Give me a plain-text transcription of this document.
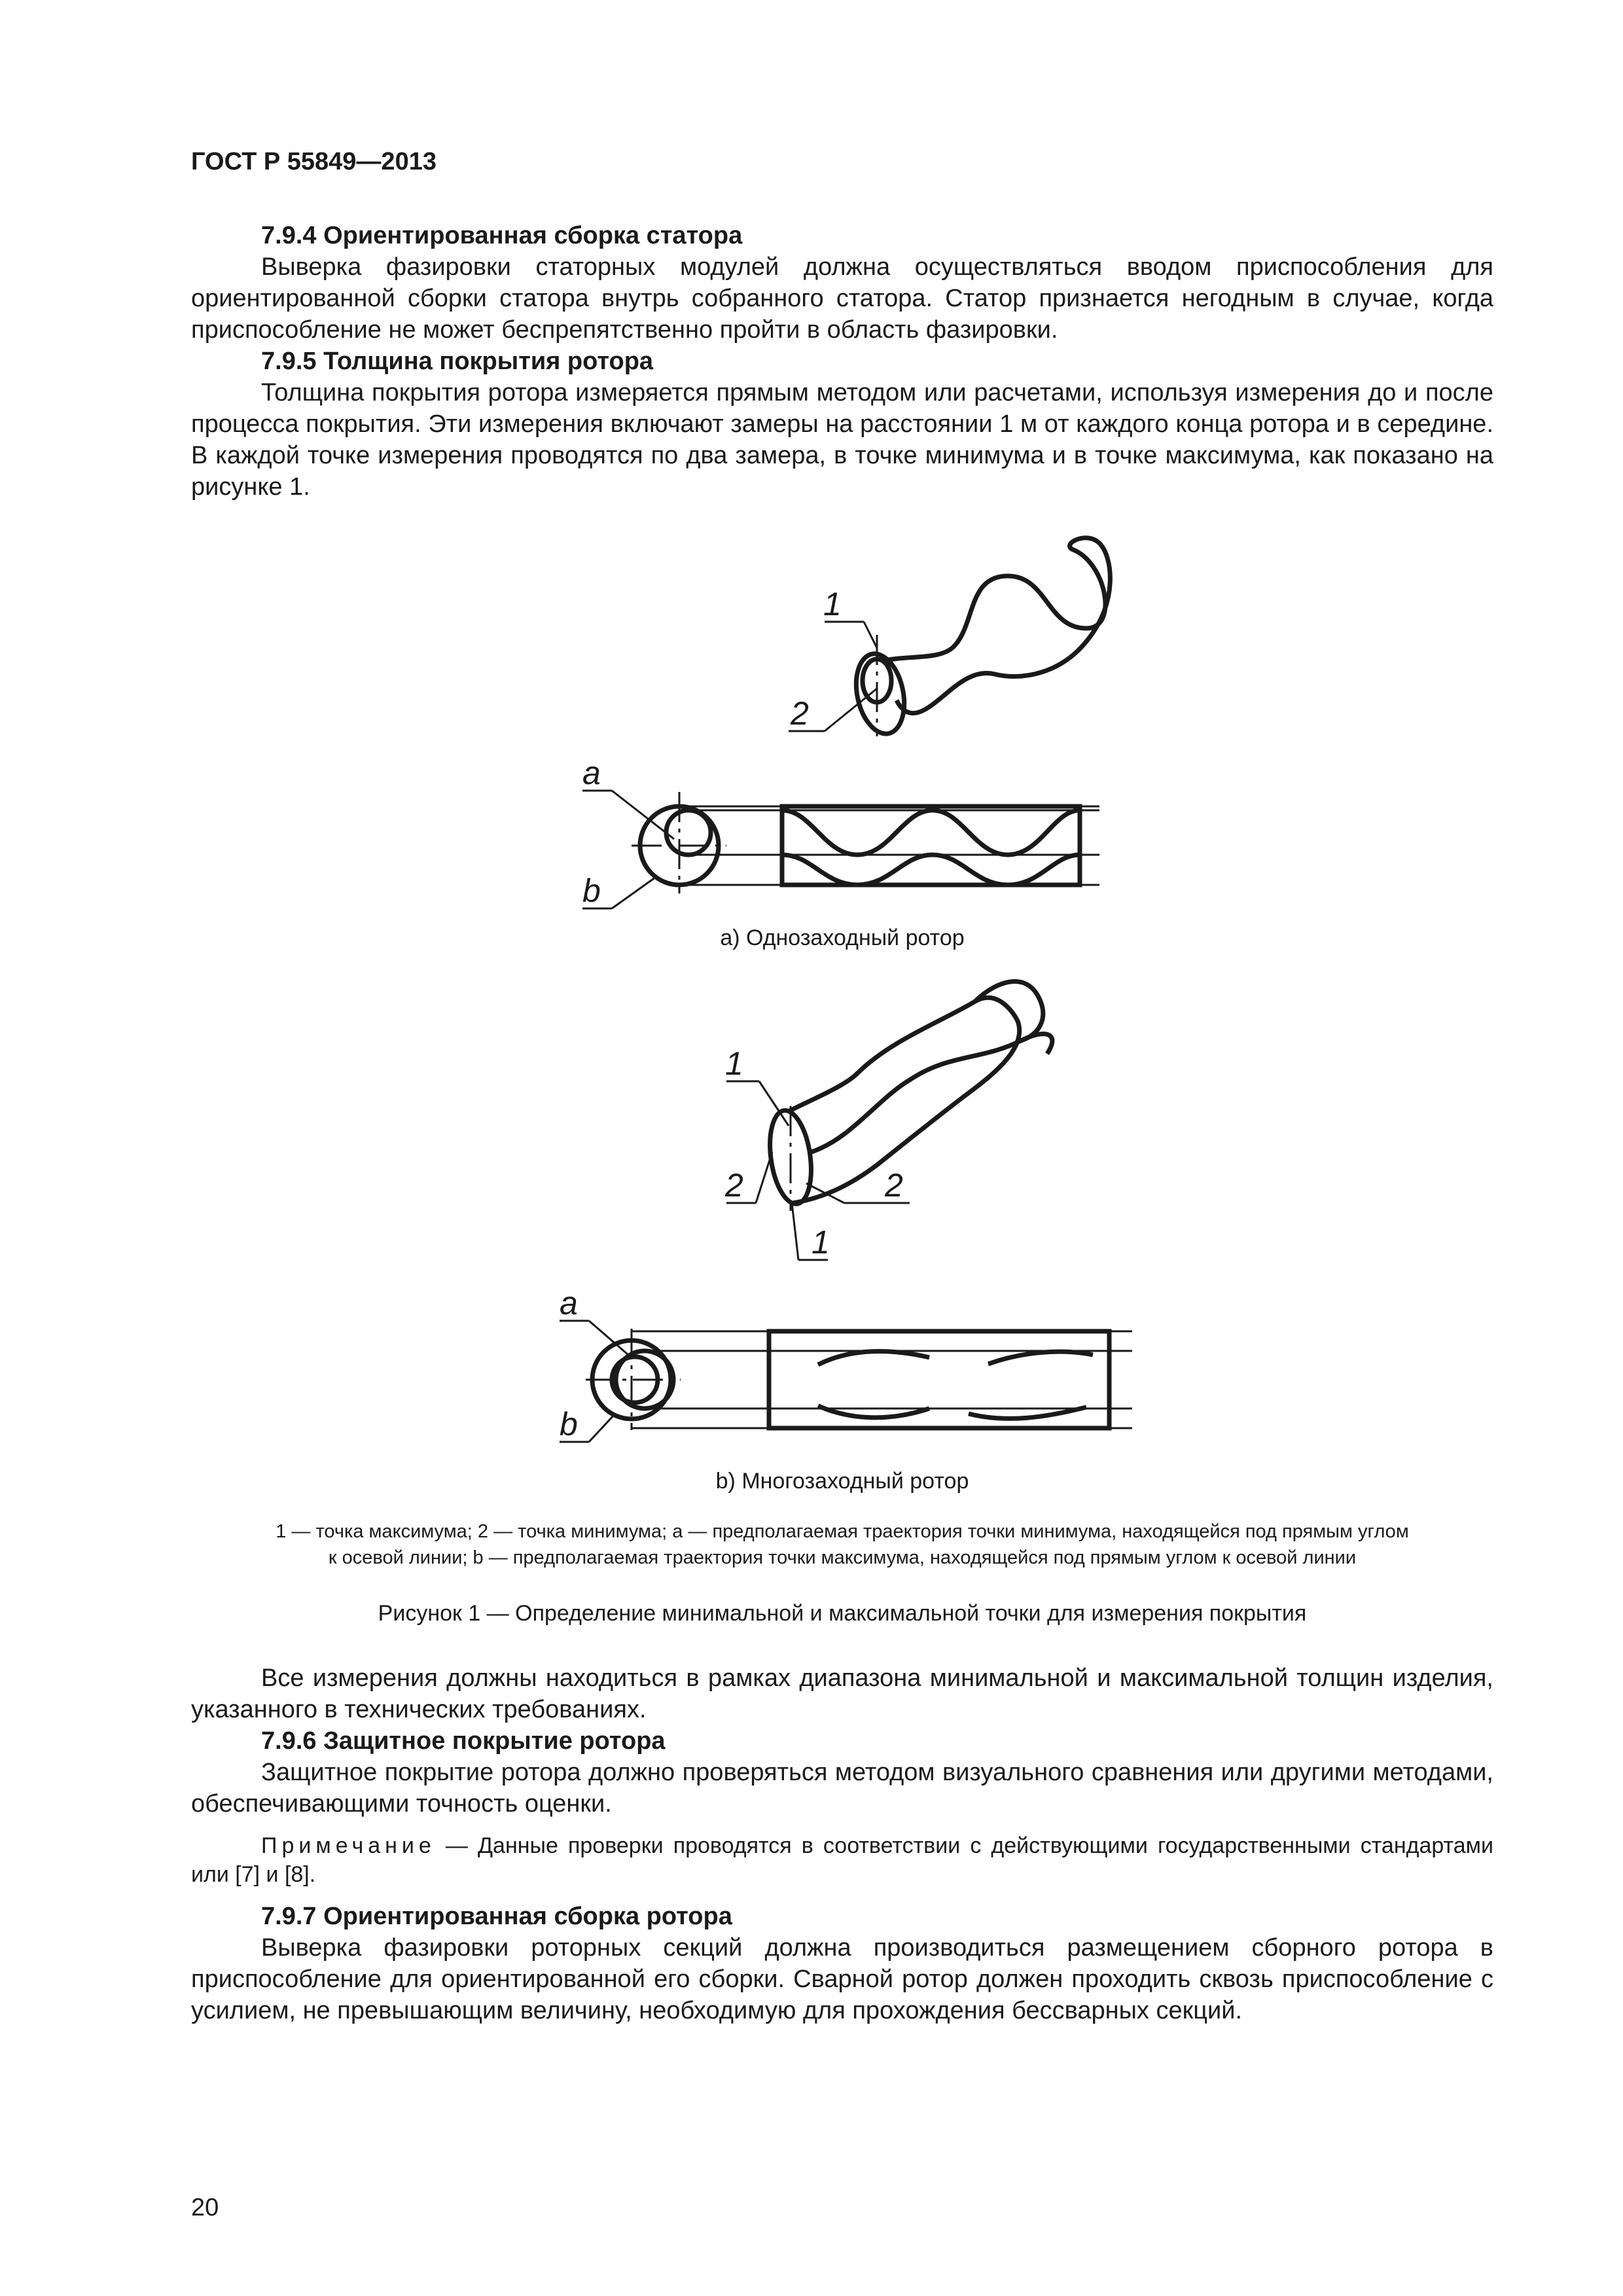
ГОСТ Р 55849—2013

7.9.4 Ориентированная сборка статора

Выверка фазировки статорных модулей должна осуществляться вводом приспособления для ориентированной сборки статора внутрь собранного статора. Статор признается негодным в случае, когда приспособление не может беспрепятственно пройти в область фазировки.

7.9.5 Толщина покрытия ротора

Толщина покрытия ротора измеряется прямым методом или расчетами, используя измерения до и после процесса покрытия. Эти измерения включают замеры на расстоянии 1 м от каждого конца ротора и в середине. В каждой точке измерения проводятся по два замера, в точке минимума и в точке максимума, как показано на рисунке 1.

1
2
a
b
1
2	2
1
a
b
а) Однозаходный ротор
b) Многозаходный ротор
1 — точка максимума; 2 — точка минимума; a — предполагаемая траектория точки минимума, находящейся под прямым углом
к осевой линии; b — предполагаемая траектория точки максимума, находящейся под прямым углом к осевой линии
Рисунок 1 — Определение минимальной и максимальной точки для измерения покрытия

Все измерения должны находиться в рамках диапазона минимальной и максимальной толщин изделия, указанного в технических требованиях.

7.9.6 Защитное покрытие ротора

Защитное покрытие ротора должно проверяться методом визуального сравнения или другими методами, обеспечивающими точность оценки.

Примечание — Данные проверки проводятся в соответствии с действующими государственными стандартами или [7] и [8].

7.9.7 Ориентированная сборка ротора

Выверка фазировки роторных секций должна производиться размещением сборного ротора в приспособление для ориентированной его сборки. Сварной ротор должен проходить сквозь приспособление с усилием, не превышающим величину, необходимую для прохождения бессварных секций.

20
